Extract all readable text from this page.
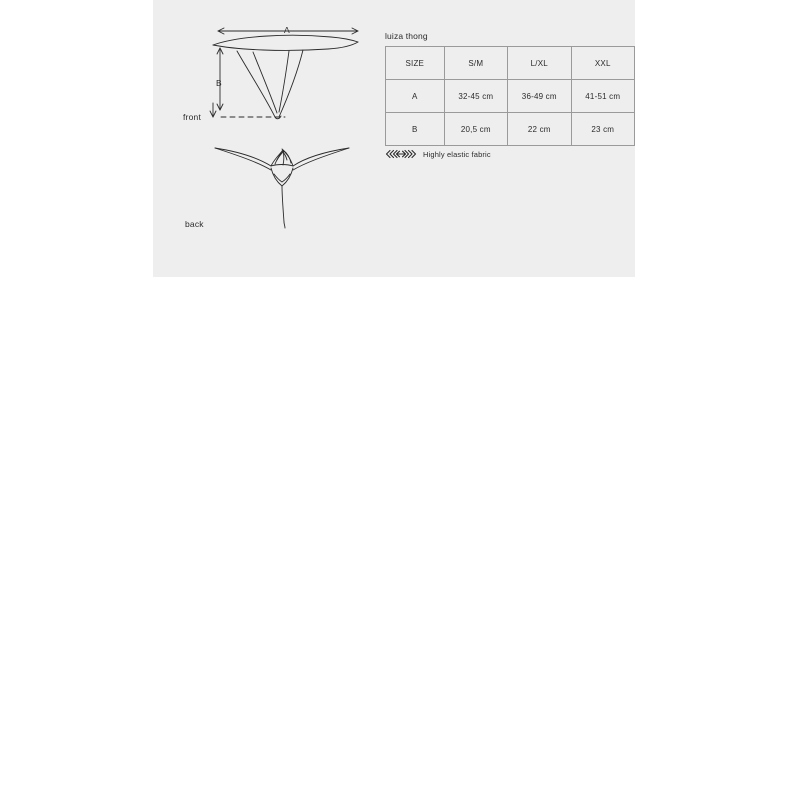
A
B
front
back
luiza thong
SIZE	S/M	L/XL	XXL
A	32-45 cm	36-49 cm	41-51 cm
B	20,5 cm	22 cm	23 cm
Highly elastic fabric
